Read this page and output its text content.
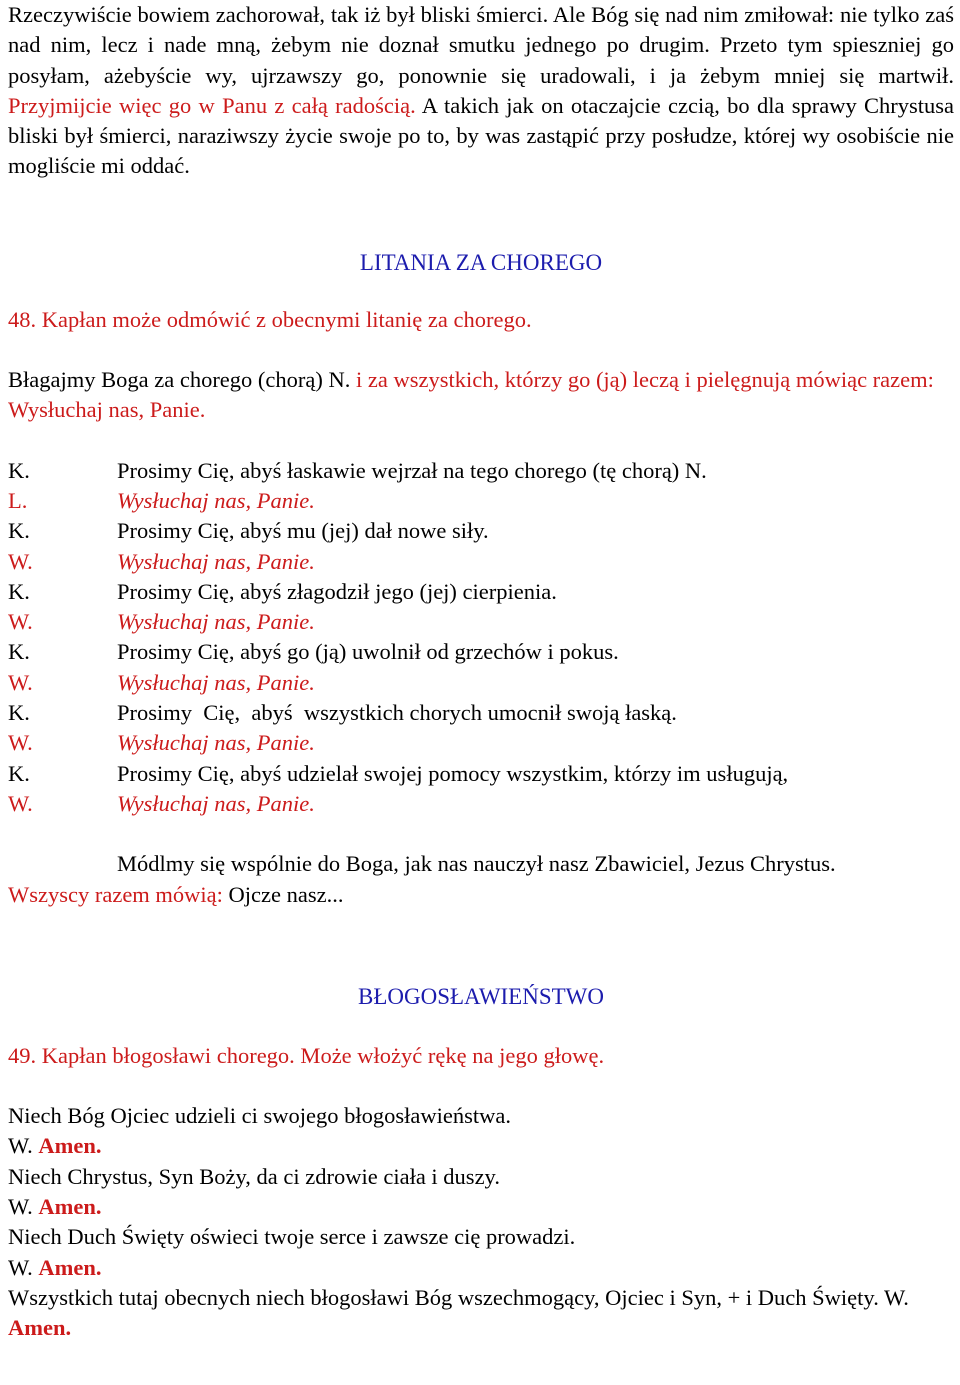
Rzeczywiście bowiem zachorował, tak iż był bliski śmierci. Ale Bóg się nad nim zmiłował: nie tylko zaś nad nim, lecz i nade mną, żebym nie doznał smutku jednego po drugim. Przeto tym spieszniej go posyłam, ażebyście wy, ujrzawszy go, ponownie się uradowali, i ja żebym mniej się martwił. Przyjmijcie więc go w Panu z całą radością. A takich jak on otaczajcie czcią, bo dla sprawy Chrystusa bliski był śmierci, naraziwszy życie swoje po to, by was zastąpić przy posłudze, której wy osobiście nie mogliście mi oddać.

LITANIA ZA CHOREGO

48. Kapłan może odmówić z obecnymi litanię za chorego.

Błagajmy Boga za chorego (chorą) N. i za wszystkich, którzy go (ją) leczą i pielęgnują mówiąc razem: Wysłuchaj nas, Panie.

K.	Prosimy Cię, abyś łaskawie wejrzał na tego chorego (tę chorą) N.
L.	Wysłuchaj nas, Panie.
K.	Prosimy Cię, abyś mu (jej) dał nowe siły.
W.	Wysłuchaj nas, Panie.
K.	Prosimy Cię, abyś złagodził jego (jej) cierpienia.
W.	Wysłuchaj nas, Panie.
K.	Prosimy Cię, abyś go (ją) uwolnił od grzechów i pokus.
W.	Wysłuchaj nas, Panie.
K.	Prosimy  Cię,  abyś  wszystkich chorych umocnił swoją łaską.
W.	Wysłuchaj nas, Panie.
K.	Prosimy Cię, abyś udzielał swojej pomocy wszystkim, którzy im usługują,
W.	Wysłuchaj nas, Panie.

Módlmy się wspólnie do Boga, jak nas nauczył nasz Zbawiciel, Jezus Chrystus.

Wszyscy razem mówią: Ojcze nasz...

BŁOGOSŁAWIEŃSTWO

49. Kapłan błogosławi chorego. Może włożyć rękę na jego głowę.

Niech Bóg Ojciec udzieli ci swojego błogosławieństwa.

W. Amen.

Niech Chrystus, Syn Boży, da ci zdrowie ciała i duszy.

W. Amen.

Niech Duch Święty oświeci twoje serce i zawsze cię prowadzi.

W. Amen.

Wszystkich tutaj obecnych niech błogosławi Bóg wszechmogący, Ojciec i Syn, + i Duch Święty. W. Amen.
